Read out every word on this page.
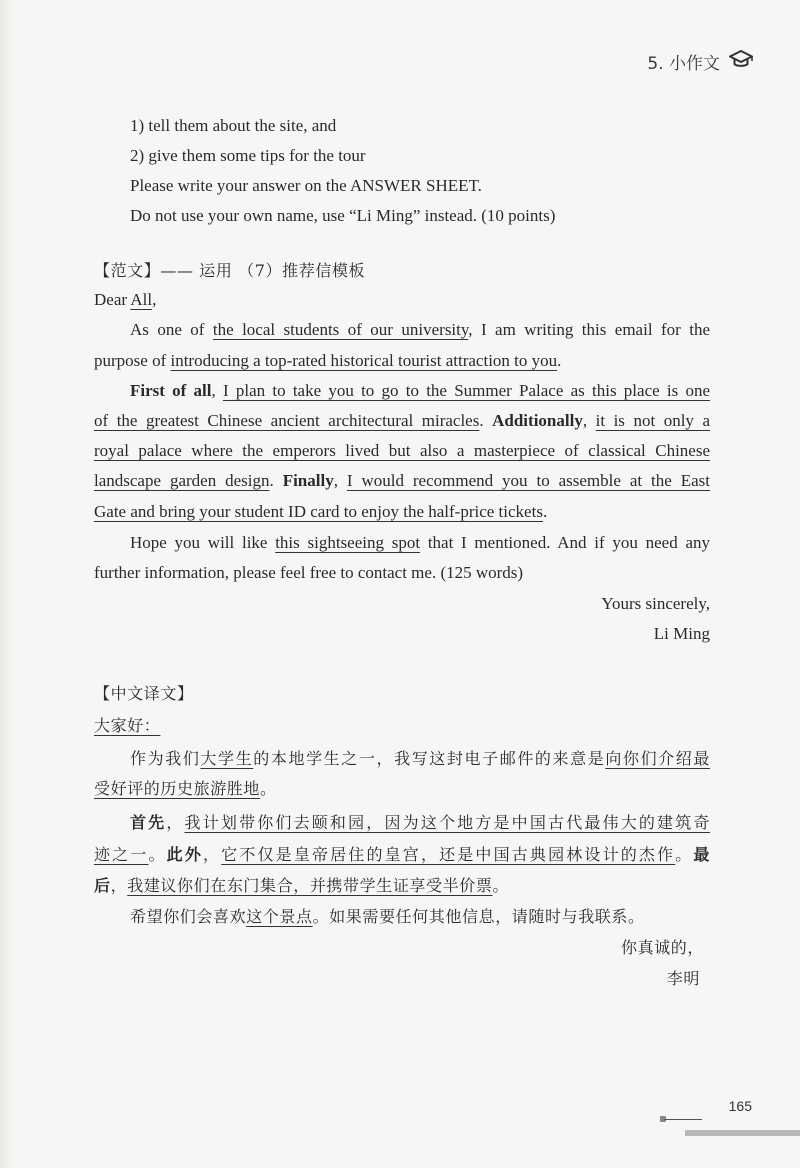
5. 小作文
1) tell them about the site, and
2) give them some tips for the tour
Please write your answer on the ANSWER SHEET.
Do not use your own name, use “Li Ming” instead. (10 points)
【范文】—— 运用 （7）推荐信模板
Dear All,
As one of the local students of our university, I am writing this email for the
purpose of introducing a top-rated historical tourist attraction to you.
First of all, I plan to take you to go to the Summer Palace as this place is one
of the greatest Chinese ancient architectural miracles. Additionally, it is not only a
royal palace where the emperors lived but also a masterpiece of classical Chinese
landscape garden design. Finally, I would recommend you to assemble at the East
Gate and bring your student ID card to enjoy the half-price tickets.
Hope you will like this sightseeing spot that I mentioned. And if you need any
further information, please feel free to contact me. (125 words)
Yours sincerely,
Li Ming
【中文译文】
大家好：
作为我们大学生的本地学生之一，我写这封电子邮件的来意是向你们介绍最
受好评的历史旅游胜地。
首先，我计划带你们去颐和园，因为这个地方是中国古代最伟大的建筑奇
迹之一。此外，它不仅是皇帝居住的皇宫，还是中国古典园林设计的杰作。最
后，我建议你们在东门集合，并携带学生证享受半价票。
希望你们会喜欢这个景点。如果需要任何其他信息，请随时与我联系。
你真诚的，
李明
165
